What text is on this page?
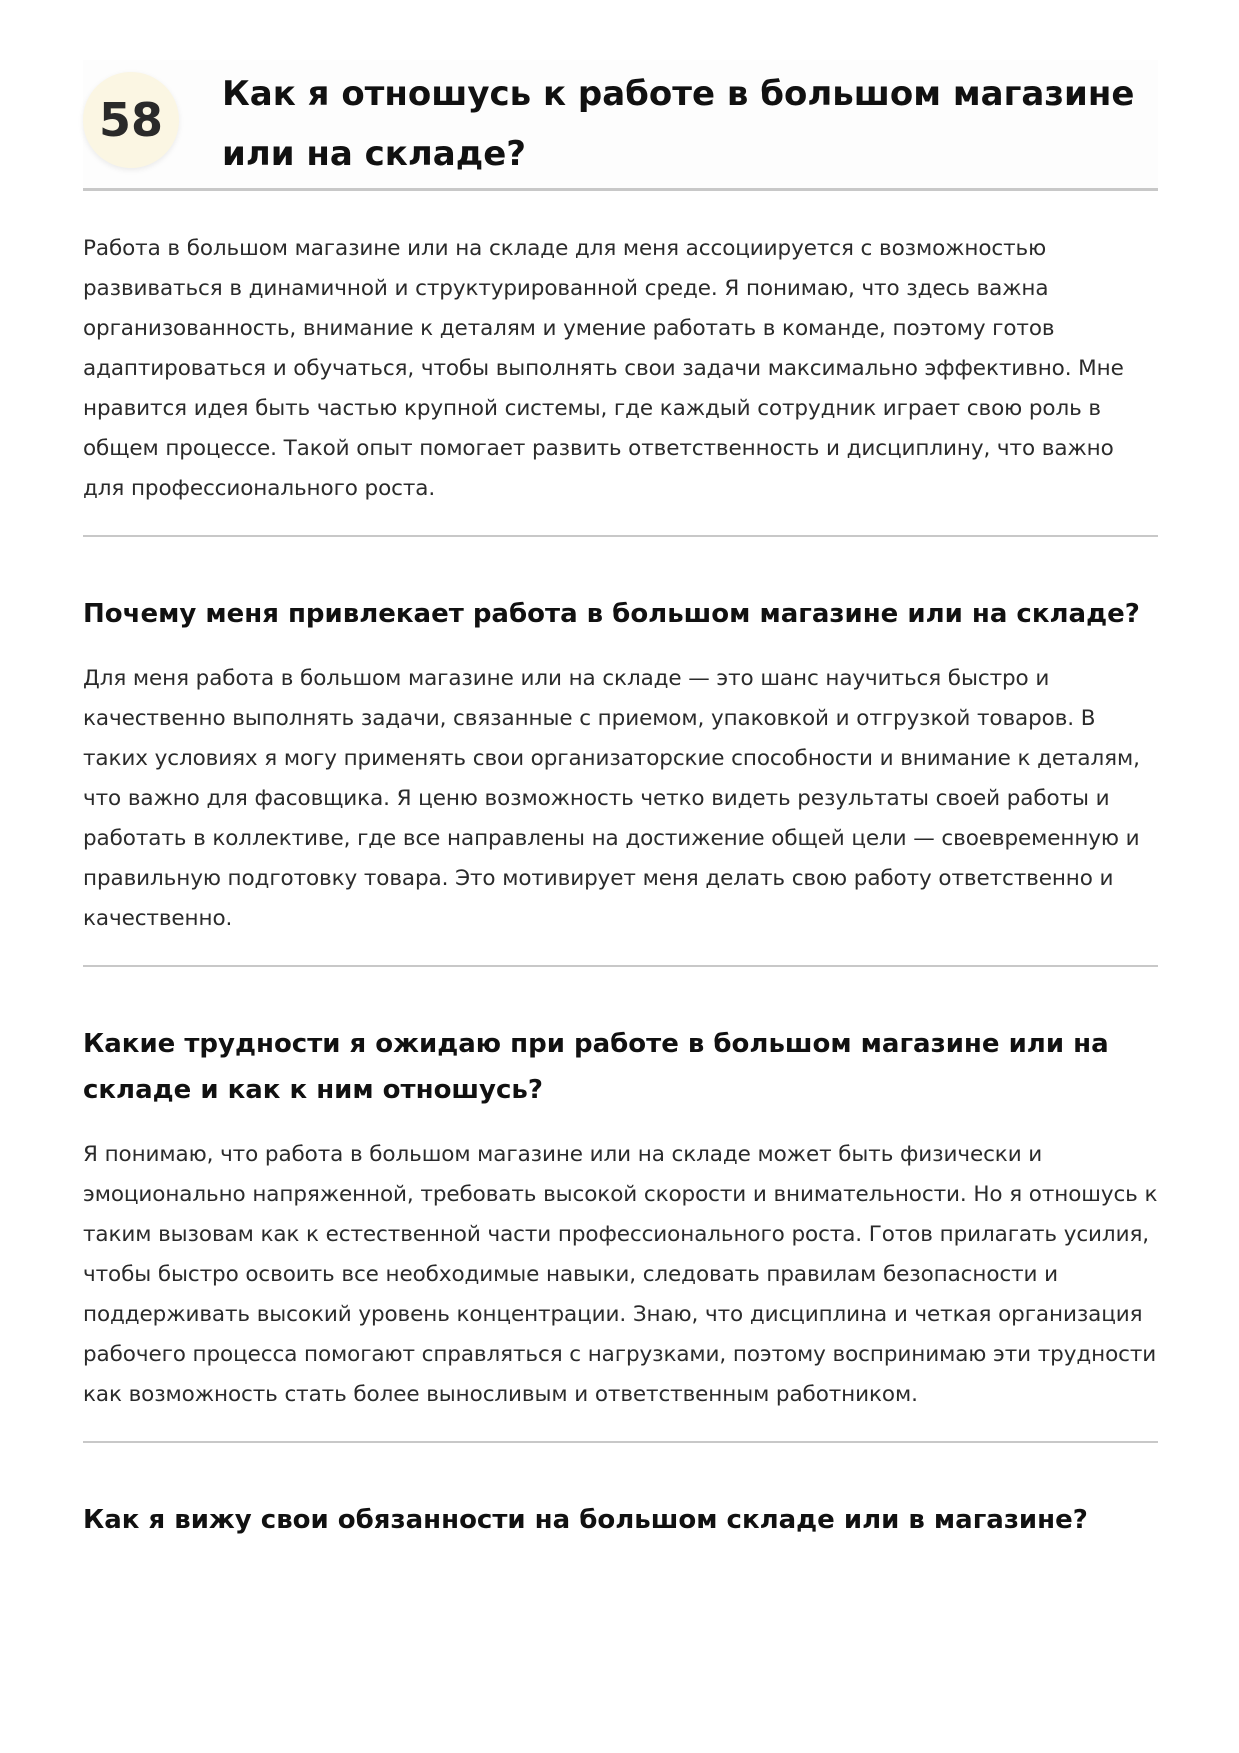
58	Как я отношусь к работе в большом магазине или на складе?

Работа в большом магазине или на складе для меня ассоциируется с возможностью развиваться в динамичной и структурированной среде. Я понимаю, что здесь важна организованность, внимание к деталям и умение работать в команде, поэтому готов адаптироваться и обучаться, чтобы выполнять свои задачи максимально эффективно. Мне нравится идея быть частью крупной системы, где каждый сотрудник играет свою роль в общем процессе. Такой опыт помогает развить ответственность и дисциплину, что важно для профессионального роста.

Почему меня привлекает работа в большом магазине или на складе?

Для меня работа в большом магазине или на складе — это шанс научиться быстро и качественно выполнять задачи, связанные с приемом, упаковкой и отгрузкой товаров. В таких условиях я могу применять свои организаторские способности и внимание к деталям, что важно для фасовщика. Я ценю возможность четко видеть результаты своей работы и работать в коллективе, где все направлены на достижение общей цели — своевременную и правильную подготовку товара. Это мотивирует меня делать свою работу ответственно и качественно.

Какие трудности я ожидаю при работе в большом магазине или на складе и как к ним отношусь?

Я понимаю, что работа в большом магазине или на складе может быть физически и эмоционально напряженной, требовать высокой скорости и внимательности. Но я отношусь к таким вызовам как к естественной части профессионального роста. Готов прилагать усилия, чтобы быстро освоить все необходимые навыки, следовать правилам безопасности и поддерживать высокий уровень концентрации. Знаю, что дисциплина и четкая организация рабочего процесса помогают справляться с нагрузками, поэтому воспринимаю эти трудности как возможность стать более выносливым и ответственным работником.

Как я вижу свои обязанности на большом складе или в магазине?
